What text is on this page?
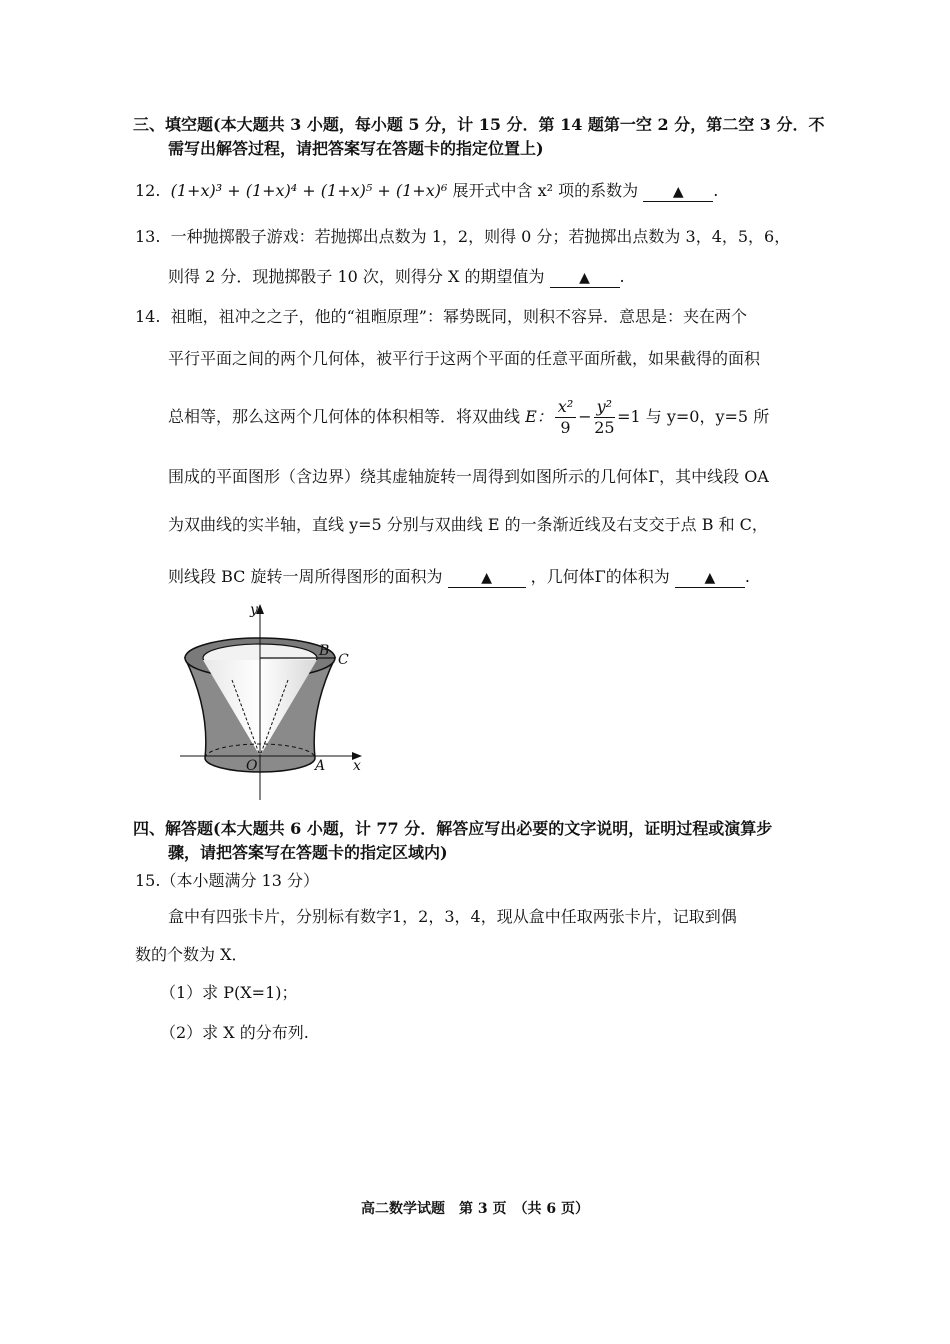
三、填空题(本大题共 3 小题，每小题 5 分，计 15 分．第 14 题第一空 2 分，第二空 3 分．不
需写出解答过程，请把答案写在答题卡的指定位置上)
12. (1+x)³ + (1+x)⁴ + (1+x)⁵ + (1+x)⁶ 展开式中含 x² 项的系数为 ▲ .
13. 一种抛掷骰子游戏：若抛掷出点数为 1，2，则得 0 分；若抛掷出点数为 3，4，5，6，
则得 2 分．现抛掷骰子 10 次，则得分 X 的期望值为 ▲ .
14. 祖暅，祖冲之之子，他的“祖暅原理”：幂势既同，则积不容异．意思是：夹在两个
平行平面之间的两个几何体，被平行于这两个平面的任意平面所截，如果截得的面积
总相等，那么这两个几何体的体积相等．将双曲线 E： $\frac{\text{x²}}{9} - \frac{\text{y²}}{25} =1$ 与 y=0，y=5 所
围成的平面图形（含边界）绕其虚轴旋转一周得到如图所示的几何体Γ，其中线段 OA
为双曲线的实半轴，直线 y=5 分别与双曲线 E 的一条渐近线及右支交于点 B 和 C，
则线段 BC 旋转一周所得图形的面积为	▲ ，几何体Γ的体积为 ▲ .
y
x
B
C
O	A
四、解答题(本大题共 6 小题，计 77 分．解答应写出必要的文字说明，证明过程或演算步
骤，请把答案写在答题卡的指定区域内)
15.（本小题满分 13 分）
盒中有四张卡片，分别标有数字1，2，3，4，现从盒中任取两张卡片，记取到偶
数的个数为 X．
（1）求 P(X=1)；
（2）求 X 的分布列.
高二数学试题　第 3 页　（共 6 页）
